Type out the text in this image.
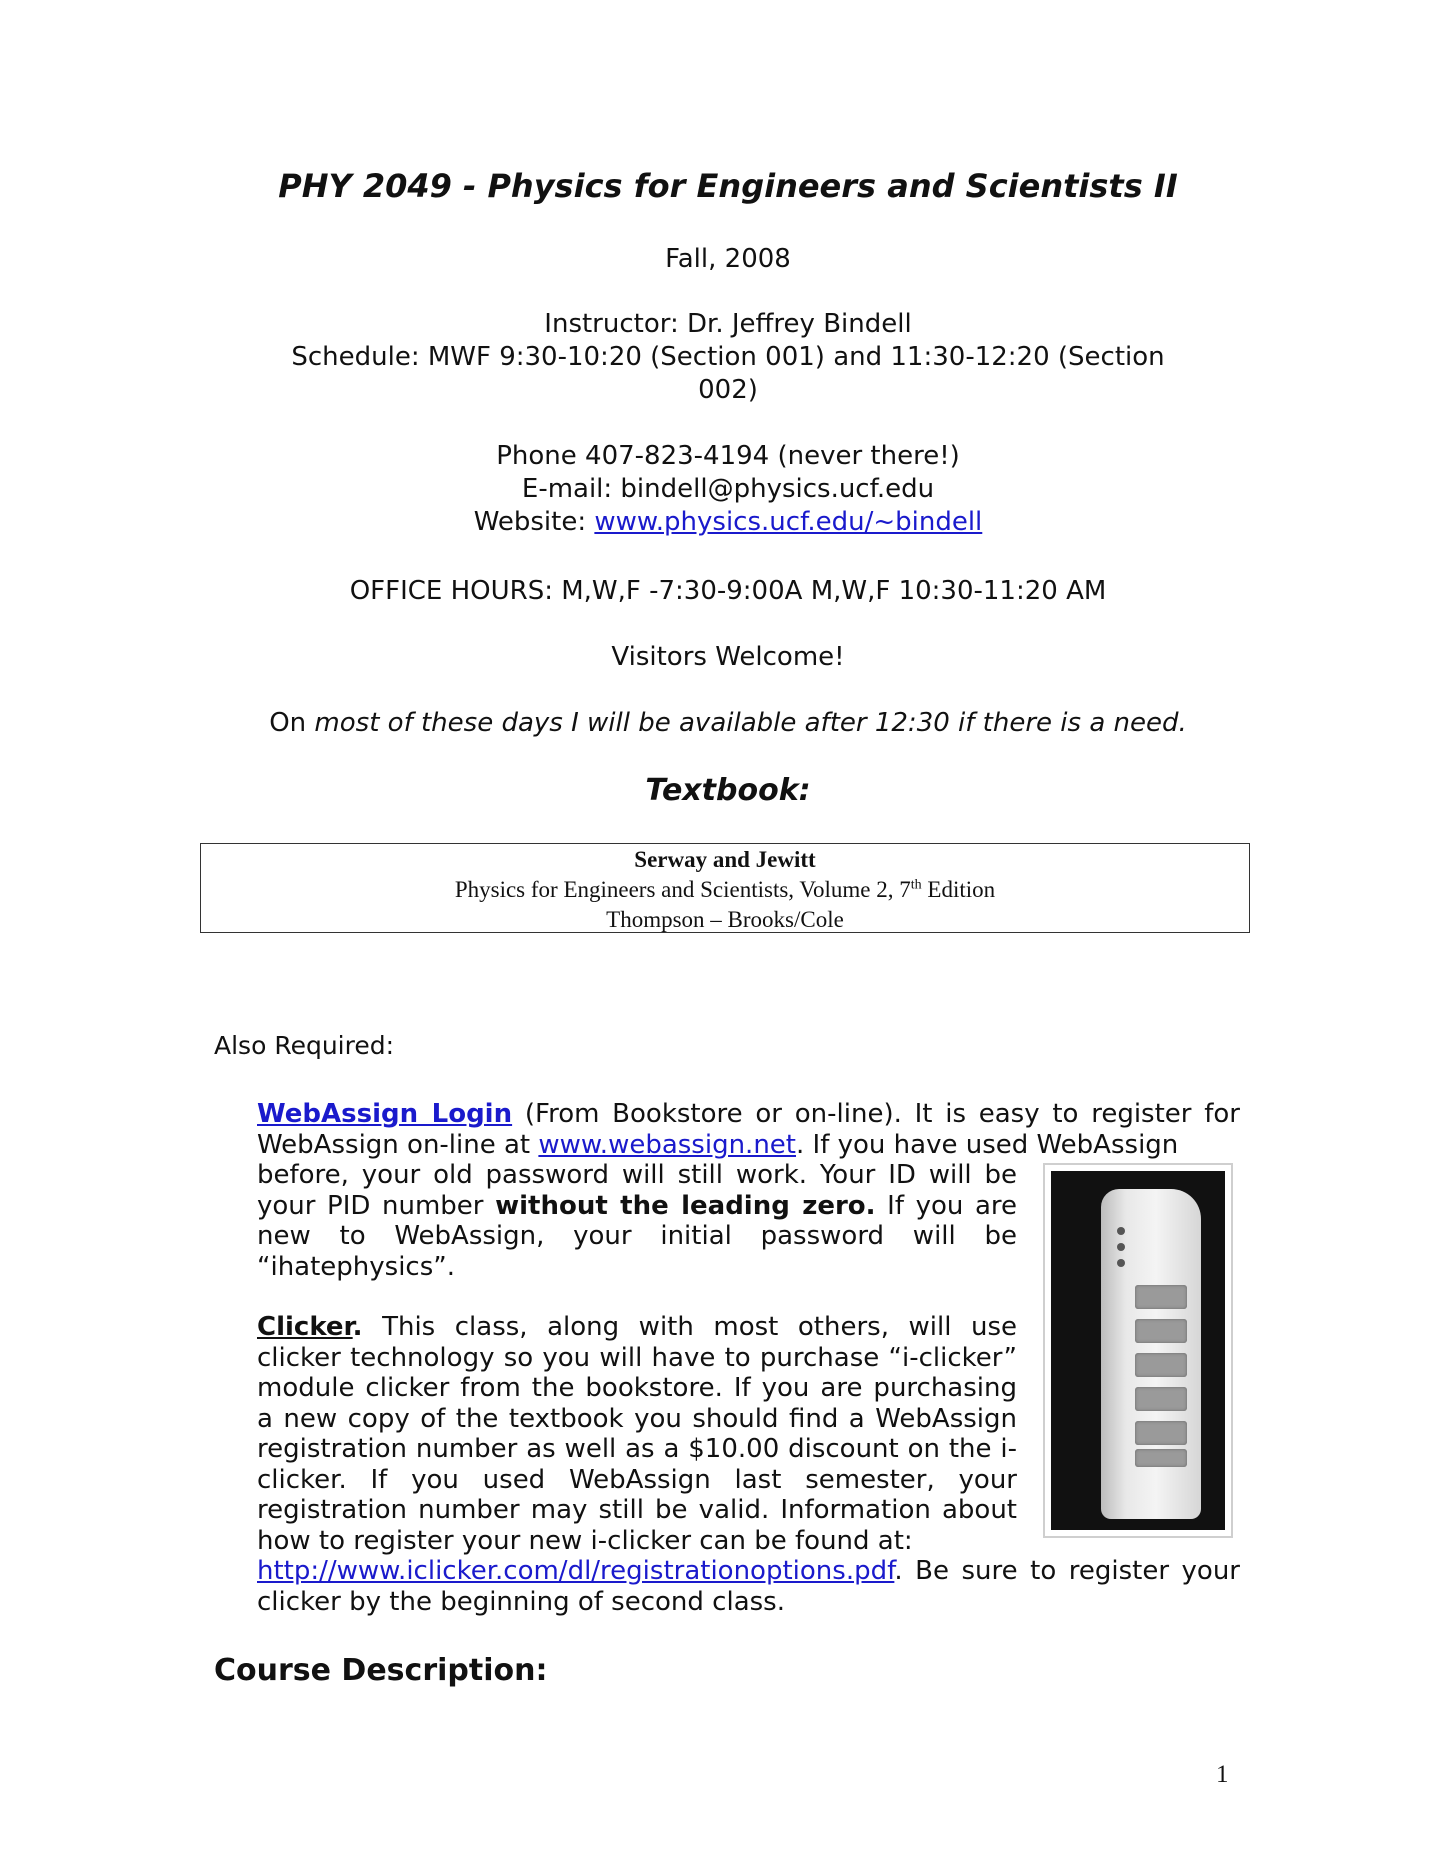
PHY 2049 - Physics for Engineers and Scientists II
Fall, 2008
Instructor: Dr. Jeffrey Bindell
Schedule: MWF 9:30-10:20 (Section 001) and 11:30-12:20 (Section
002)
Phone 407-823-4194 (never there!)
E-mail: bindell@physics.ucf.edu
Website: www.physics.ucf.edu/~bindell
OFFICE HOURS: M,W,F -7:30-9:00A M,W,F 10:30-11:20 AM
Visitors Welcome!
On most of these days I will be available after 12:30 if there is a need.
Textbook:
Serway and Jewitt
Physics for Engineers and Scientists, Volume 2, 7th Edition
Thompson – Brooks/Cole
Also Required:
WebAssign Login (From Bookstore or on-line). It is easy to register for WebAssign on-line at www.webassign.net. If you have used WebAssign
before, your old password will still work. Your ID will be your PID number without the leading zero. If you are new to WebAssign, your initial password will be “ihatephysics”.
Clicker. This class, along with most others, will use clicker technology so you will have to purchase “i-clicker” module clicker from the bookstore. If you are purchasing a new copy of the textbook you should find a WebAssign registration number as well as a $10.00 discount on the i-clicker. If you used WebAssign last semester, your registration number may still be valid. Information about how to register your new i-clicker can be found at:
http://www.iclicker.com/dl/registrationoptions.pdf. Be sure to register your clicker by the beginning of second class.
Course Description:
1
